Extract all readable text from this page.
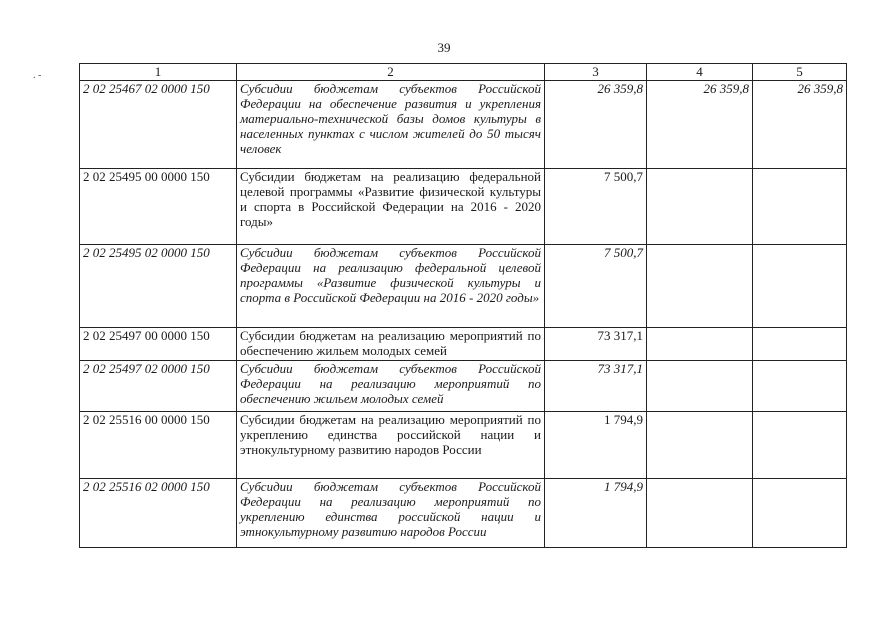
39
. -	1	2	3	4	5
2 02 25467 02 0000 150	Субсидии бюджетам субъектов Российской Федерации на обеспечение развития и укрепления материально-технической базы домов культуры в населенных пунктах с числом жителей до 50 тысяч человек	26 359,8	26 359,8	26 359,8
2 02 25495 00 0000 150	Субсидии бюджетам на реализацию федеральной целевой программы «Развитие физической культуры и спорта в Российской Федерации на 2016 - 2020 годы»	7 500,7		
2 02 25495 02 0000 150	Субсидии бюджетам субъектов Российской Федерации на реализацию федеральной целевой программы «Развитие физической культуры и спорта в Российской Федерации на 2016 - 2020 годы»	7 500,7		
2 02 25497 00 0000 150	Субсидии бюджетам на реализацию мероприятий по обеспечению жильем молодых семей	73 317,1		
2 02 25497 02 0000 150	Субсидии бюджетам субъектов Российской Федерации на реализацию мероприятий по обеспечению жильем молодых семей	73 317,1		
2 02 25516 00 0000 150	Субсидии бюджетам на реализацию мероприятий по укреплению единства российской нации и этнокультурному развитию народов России	1 794,9		
2 02 25516 02 0000 150	Субсидии бюджетам субъектов Российской Федерации на реализацию мероприятий по укреплению единства российской нации и этнокультурному развитию народов России	1 794,9		
